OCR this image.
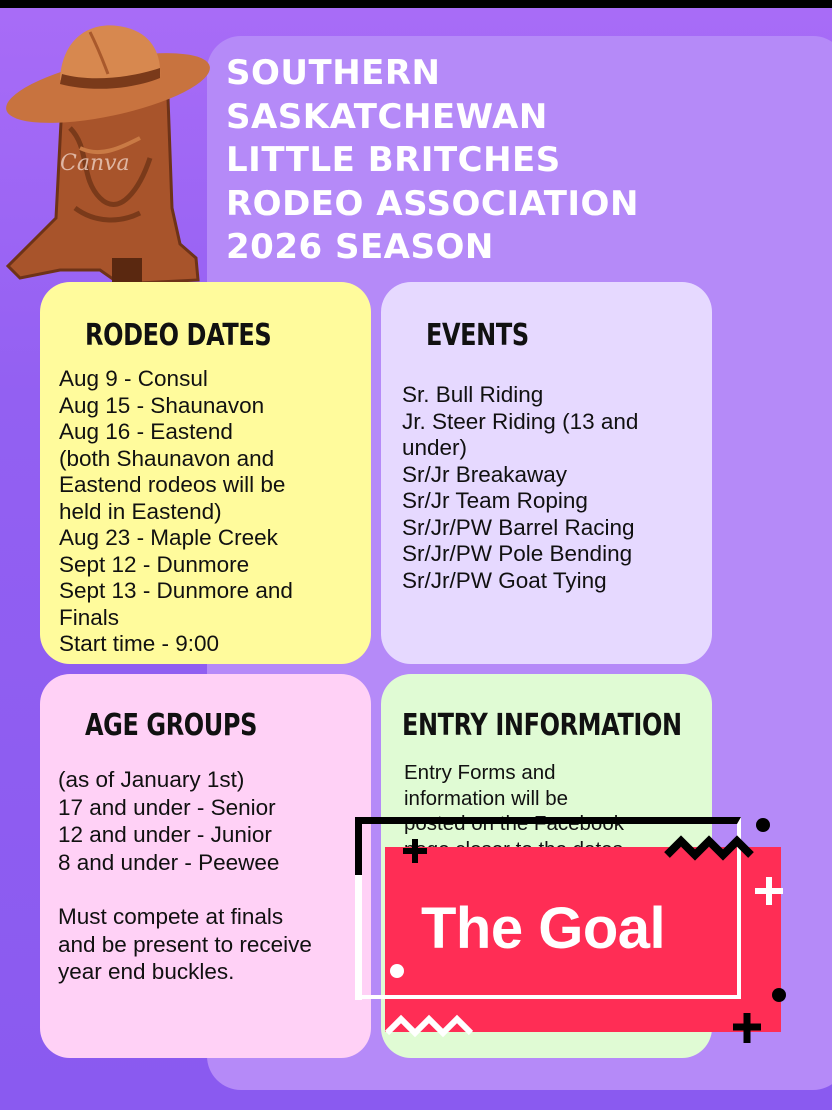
Canva
SOUTHERN
SASKATCHEWAN
LITTLE BRITCHES
RODEO ASSOCIATION
2026 SEASON
RODEO DATES
Aug 9 - Consul
Aug 15 - Shaunavon
Aug 16 - Eastend
(both Shaunavon and
Eastend rodeos will be
held in Eastend)
Aug 23 - Maple Creek
Sept 12 - Dunmore
Sept 13 - Dunmore and
Finals
Start time - 9:00
EVENTS
Sr. Bull Riding
Jr. Steer Riding (13 and
under)
Sr/Jr Breakaway
Sr/Jr Team Roping
Sr/Jr/PW Barrel Racing
Sr/Jr/PW Pole Bending
Sr/Jr/PW Goat Tying
AGE GROUPS
(as of January 1st)
17 and under - Senior
12 and under - Junior
8 and under - Peewee
Must compete at finals
and be present to receive
year end buckles.
ENTRY INFORMATION
Entry Forms and
information will be
posted on the Facebook

The Goal
